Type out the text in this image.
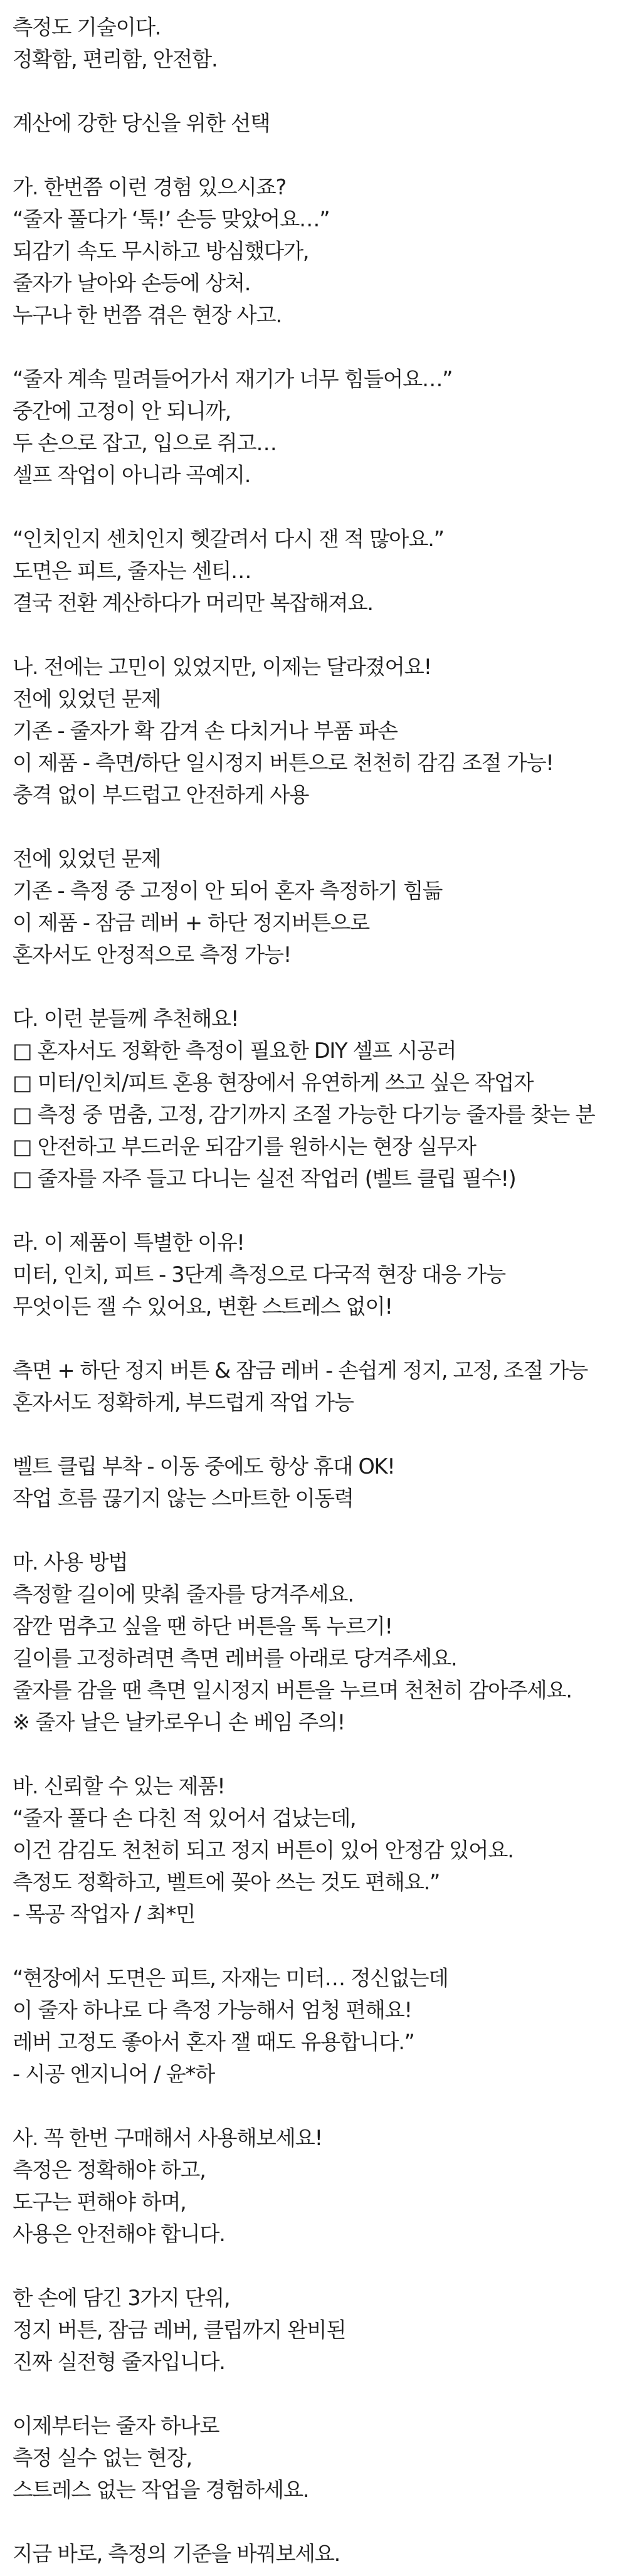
측정도 기술이다.
정확함, 편리함, 안전함.
계산에 강한 당신을 위한 선택
가. 한번쯤 이런 경험 있으시죠?
“줄자 풀다가 ‘툭!’ 손등 맞았어요…”
되감기 속도 무시하고 방심했다가,
줄자가 날아와 손등에 상처.
누구나 한 번쯤 겪은 현장 사고.
“줄자 계속 밀려들어가서 재기가 너무 힘들어요…”
중간에 고정이 안 되니까,
두 손으로 잡고, 입으로 쥐고…
셀프 작업이 아니라 곡예지.
“인치인지 센치인지 헷갈려서 다시 잰 적 많아요.”
도면은 피트, 줄자는 센티…
결국 전환 계산하다가 머리만 복잡해져요.
나. 전에는 고민이 있었지만, 이제는 달라졌어요!
전에 있었던 문제
기존 - 줄자가 확 감겨 손 다치거나 부품 파손
이 제품 - 측면/하단 일시정지 버튼으로 천천히 감김 조절 가능!
충격 없이 부드럽고 안전하게 사용
전에 있었던 문제
기존 - 측정 중 고정이 안 되어 혼자 측정하기 힘듦
이 제품 - 잠금 레버 + 하단 정지버튼으로
혼자서도 안정적으로 측정 가능!
다. 이런 분들께 추천해요!
□ 혼자서도 정확한 측정이 필요한 DIY 셀프 시공러
□ 미터/인치/피트 혼용 현장에서 유연하게 쓰고 싶은 작업자
□ 측정 중 멈춤, 고정, 감기까지 조절 가능한 다기능 줄자를 찾는 분
□ 안전하고 부드러운 되감기를 원하시는 현장 실무자
□ 줄자를 자주 들고 다니는 실전 작업러 (벨트 클립 필수!)
라. 이 제품이 특별한 이유!
미터, 인치, 피트 - 3단계 측정으로 다국적 현장 대응 가능
무엇이든 잴 수 있어요, 변환 스트레스 없이!
측면 + 하단 정지 버튼 & 잠금 레버 - 손쉽게 정지, 고정, 조절 가능
혼자서도 정확하게, 부드럽게 작업 가능
벨트 클립 부착 - 이동 중에도 항상 휴대 OK!
작업 흐름 끊기지 않는 스마트한 이동력
마. 사용 방법
측정할 길이에 맞춰 줄자를 당겨주세요.
잠깐 멈추고 싶을 땐 하단 버튼을 톡 누르기!
길이를 고정하려면 측면 레버를 아래로 당겨주세요.
줄자를 감을 땐 측면 일시정지 버튼을 누르며 천천히 감아주세요.
※ 줄자 날은 날카로우니 손 베임 주의!
바. 신뢰할 수 있는 제품!
“줄자 풀다 손 다친 적 있어서 겁났는데,
이건 감김도 천천히 되고 정지 버튼이 있어 안정감 있어요.
측정도 정확하고, 벨트에 꽂아 쓰는 것도 편해요.”
- 목공 작업자 / 최*민
“현장에서 도면은 피트, 자재는 미터… 정신없는데
이 줄자 하나로 다 측정 가능해서 엄청 편해요!
레버 고정도 좋아서 혼자 잴 때도 유용합니다.”
- 시공 엔지니어 / 윤*하
사. 꼭 한번 구매해서 사용해보세요!
측정은 정확해야 하고,
도구는 편해야 하며,
사용은 안전해야 합니다.
한 손에 담긴 3가지 단위,
정지 버튼, 잠금 레버, 클립까지 완비된
진짜 실전형 줄자입니다.
이제부터는 줄자 하나로
측정 실수 없는 현장,
스트레스 없는 작업을 경험하세요.
지금 바로, 측정의 기준을 바꿔보세요.
